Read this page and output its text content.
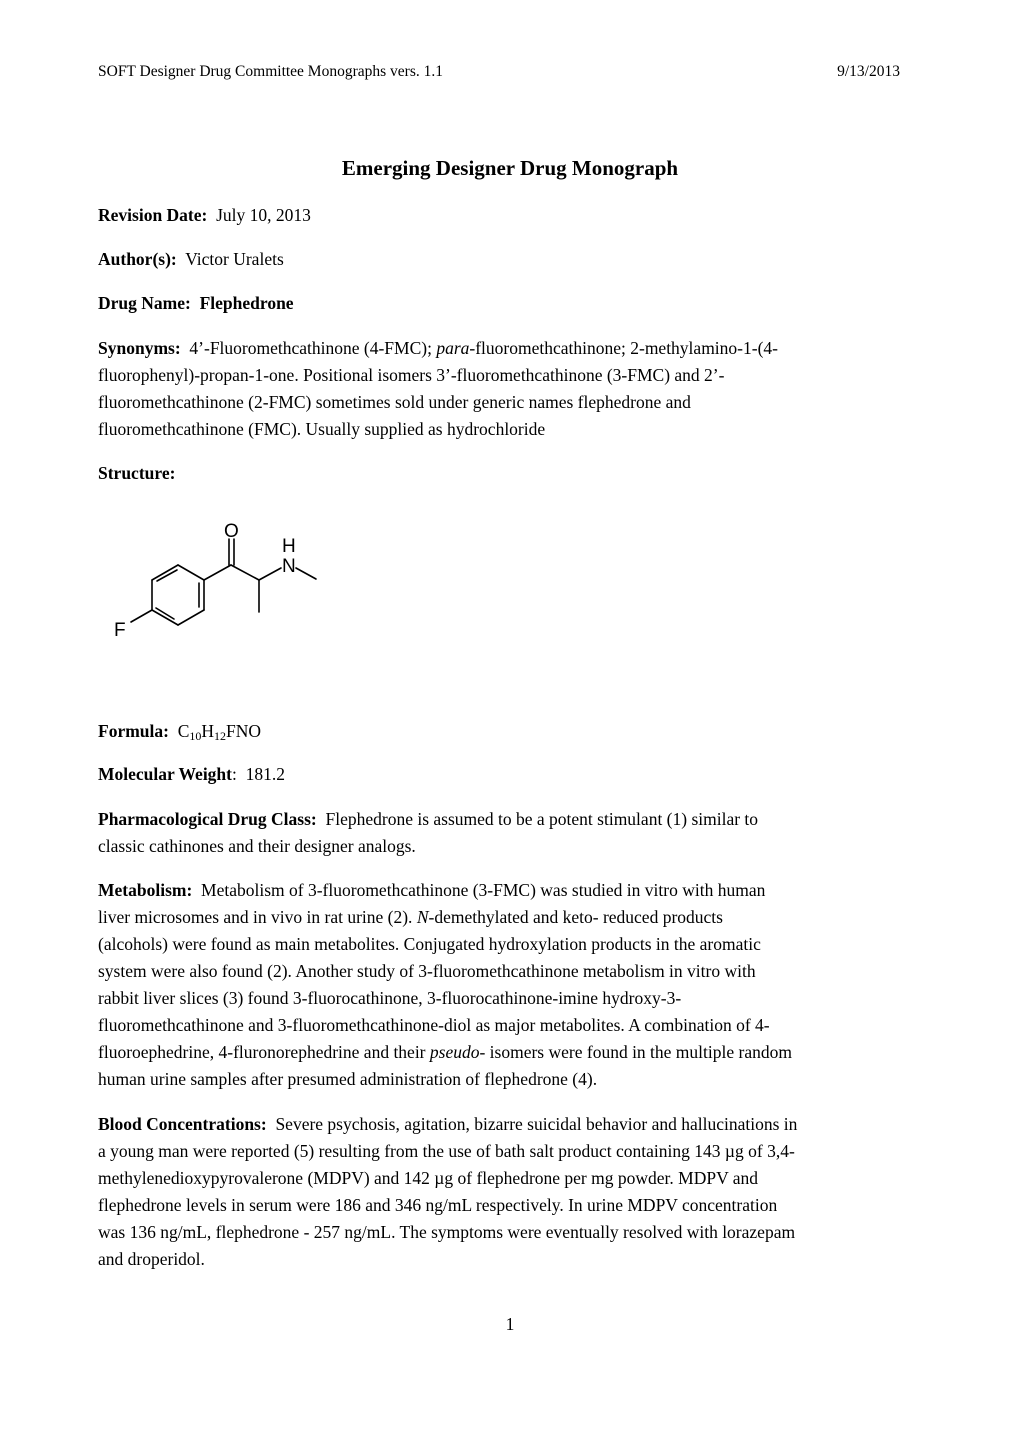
SOFT Designer Drug Committee Monographs vers. 1.1	9/13/2013
Emerging Designer Drug Monograph
Revision Date: July 10, 2013
Author(s): Victor Uralets
Drug Name: Flephedrone
Synonyms: 4’-Fluoromethcathinone (4-FMC); para-fluoromethcathinone; 2-methylamino-1-(4-
fluorophenyl)-propan-1-one. Positional isomers 3’-fluoromethcathinone (3-FMC) and 2’-
fluoromethcathinone (2-FMC) sometimes sold under generic names flephedrone and
fluoromethcathinone (FMC). Usually supplied as hydrochloride
Structure:
O
H
N
F
Formula: $C_{10}H_{12}FNO$
Molecular Weight: 181.2
Pharmacological Drug Class: Flephedrone is assumed to be a potent stimulant (1) similar to
classic cathinones and their designer analogs.
Metabolism: Metabolism of 3-fluoromethcathinone (3-FMC) was studied in vitro with human
liver microsomes and in vivo in rat urine (2). N-demethylated and keto- reduced products
(alcohols) were found as main metabolites. Conjugated hydroxylation products in the aromatic
system were also found (2). Another study of 3-fluoromethcathinone metabolism in vitro with
rabbit liver slices (3) found 3-fluorocathinone, 3-fluorocathinone-imine hydroxy-3-
fluoromethcathinone and 3-fluoromethcathinone-diol as major metabolites. A combination of 4-
fluoroephedrine, 4-fluronorephedrine and their pseudo- isomers were found in the multiple random
human urine samples after presumed administration of flephedrone (4).
Blood Concentrations: Severe psychosis, agitation, bizarre suicidal behavior and hallucinations in
a young man were reported (5) resulting from the use of bath salt product containing 143 µg of 3,4-
methylenedioxypyrovalerone (MDPV) and 142 µg of flephedrone per mg powder. MDPV and
flephedrone levels in serum were 186 and 346 ng/mL respectively. In urine MDPV concentration
was 136 ng/mL, flephedrone - 257 ng/mL. The symptoms were eventually resolved with lorazepam
and droperidol.
1
